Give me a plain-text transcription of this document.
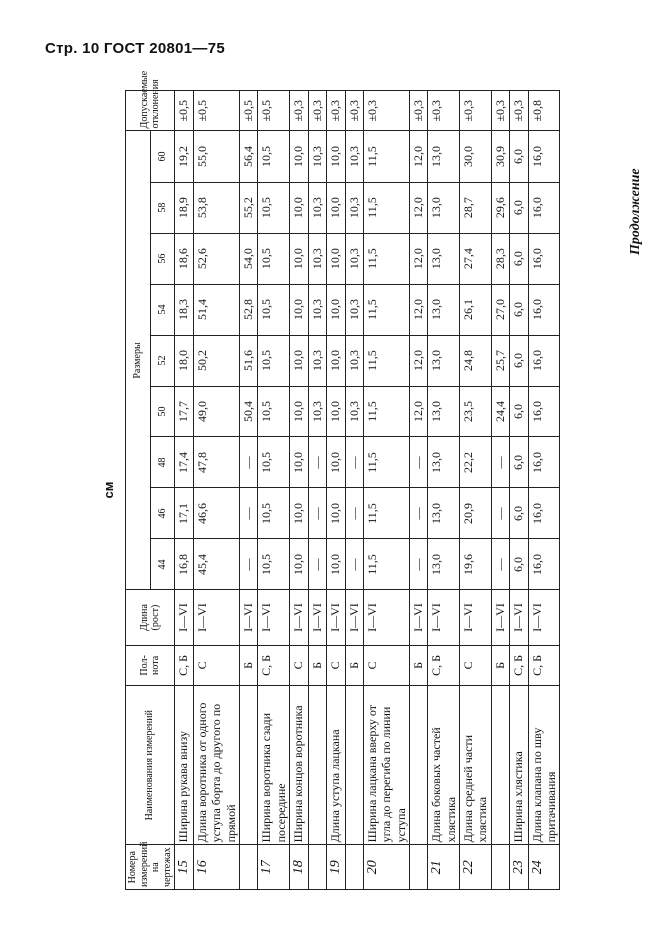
Стр. 10 ГОСТ 20801—75
Продолжение
см
Номера измерений на чертежах	Наименования измерений	Пол- нота	Длина (рост)	Размеры									Допускаемые отклонения
				44	46	48	50	52	54	56	58	60	
15	Ширина рукава внизу	С, Б	I—VI	16,8	17,1	17,4	17,7	18,0	18,3	18,6	18,9	19,2	±0,5
16	Длина воротника от одного уступа борта до другого по прямой	С	I—VI	45,4	46,6	47,8	49,0	50,2	51,4	52,6	53,8	55,0	±0,5
		Б	I—VI	—	—	—	50,4	51,6	52,8	54,0	55,2	56,4	±0,5
17	Ширина воротника сзади посередине	С, Б	I—VI	10,5	10,5	10,5	10,5	10,5	10,5	10,5	10,5	10,5	±0,5
18	Ширина концов воротника	С	I—VI	10,0	10,0	10,0	10,0	10,0	10,0	10,0	10,0	10,0	±0,3
		Б	I—VI	—	—	—	10,3	10,3	10,3	10,3	10,3	10,3	±0,3
19	Длина уступа лацкана	С	I—VI	10,0	10,0	10,0	10,0	10,0	10,0	10,0	10,0	10,0	±0,3
		Б	I—VI	—	—	—	10,3	10,3	10,3	10,3	10,3	10,3	±0,3
20	Ширина лацкана вверху от угла до перегиба по линии уступа	С	I—VI	11,5	11,5	11,5	11,5	11,5	11,5	11,5	11,5	11,5	±0,3
		Б	I—VI	—	—	—	12,0	12,0	12,0	12,0	12,0	12,0	±0,3
21	Длина боковых частей хлястика	С, Б	I—VI	13,0	13,0	13,0	13,0	13,0	13,0	13,0	13,0	13,0	±0,3
22	Длина средней части хлястика	С	I—VI	19,6	20,9	22,2	23,5	24,8	26,1	27,4	28,7	30,0	±0,3
		Б	I—VI	—	—	—	24,4	25,7	27,0	28,3	29,6	30,9	±0,3
23	Ширина хлястика	С, Б	I—VI	6,0	6,0	6,0	6,0	6,0	6,0	6,0	6,0	6,0	±0,3
24	Длина клапана по шву притачивания	С, Б	I—VI	16,0	16,0	16,0	16,0	16,0	16,0	16,0	16,0	16,0	±0,8
